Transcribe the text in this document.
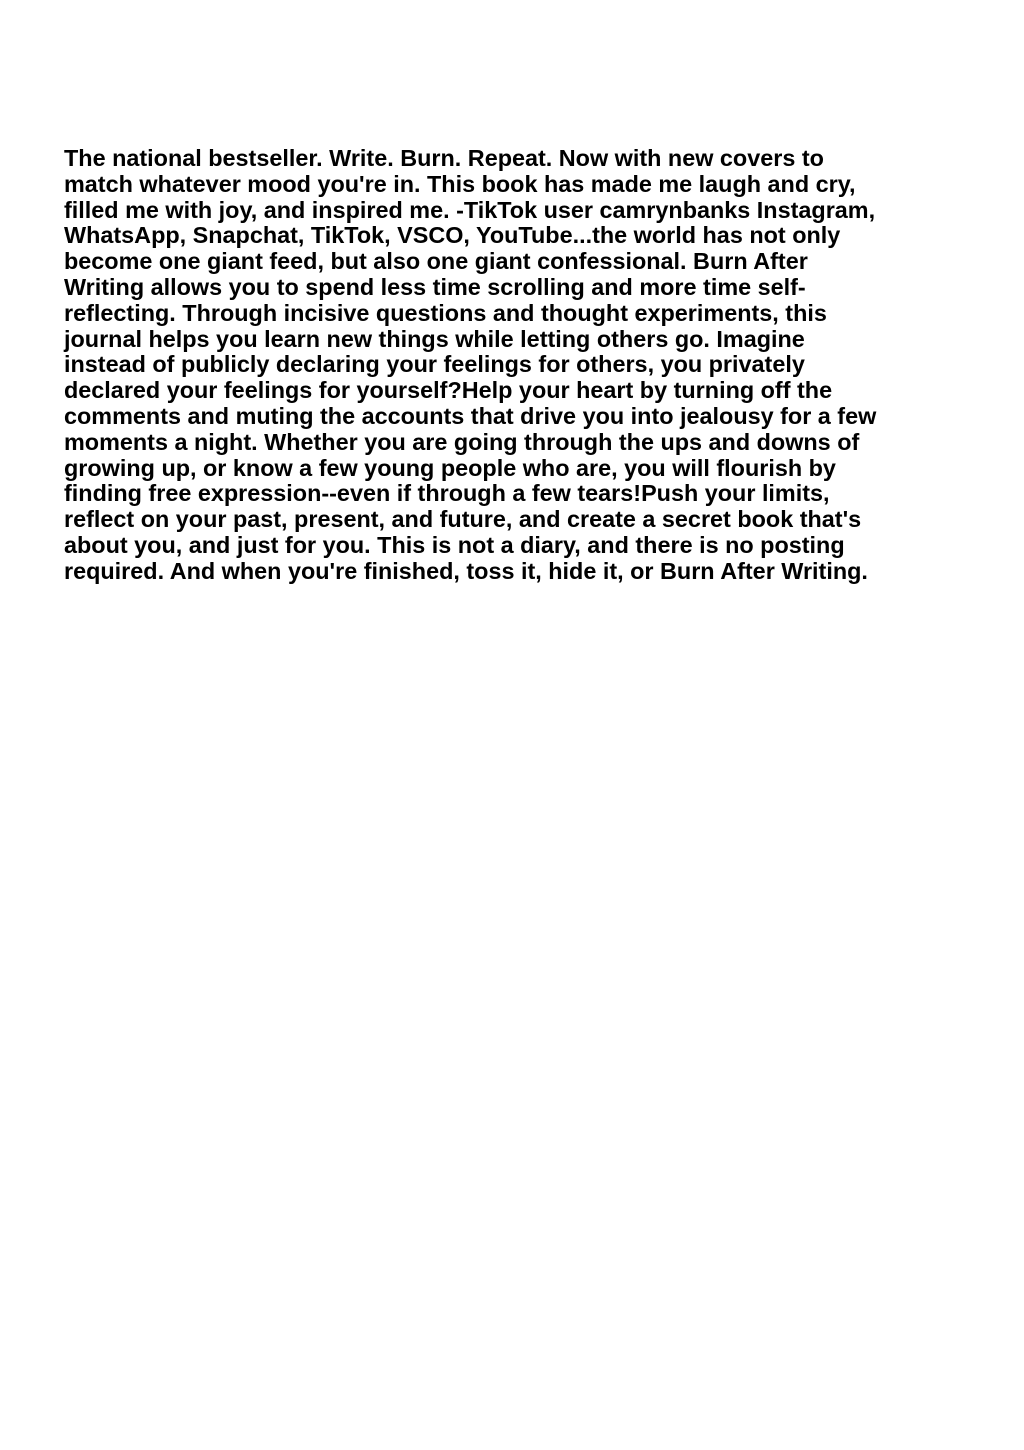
The national bestseller. Write. Burn. Repeat. Now with new covers to
match whatever mood you're in. This book has made me laugh and cry,
filled me with joy, and inspired me. -TikTok user camrynbanks Instagram,
WhatsApp, Snapchat, TikTok, VSCO, YouTube...the world has not only
become one giant feed, but also one giant confessional. Burn After
Writing allows you to spend less time scrolling and more time self-
reflecting. Through incisive questions and thought experiments, this
journal helps you learn new things while letting others go. Imagine
instead of publicly declaring your feelings for others, you privately
declared your feelings for yourself?Help your heart by turning off the
comments and muting the accounts that drive you into jealousy for a few
moments a night. Whether you are going through the ups and downs of
growing up, or know a few young people who are, you will flourish by
finding free expression--even if through a few tears!Push your limits,
reflect on your past, present, and future, and create a secret book that's
about you, and just for you. This is not a diary, and there is no posting
required. And when you're finished, toss it, hide it, or Burn After Writing.
